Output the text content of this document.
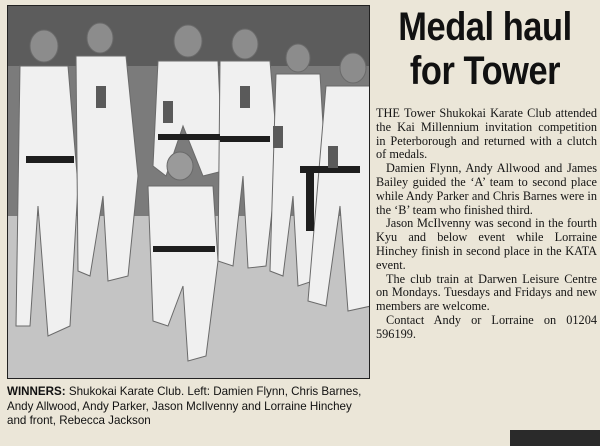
WINNERS: Shukokai Karate Club. Left: Damien Flynn, Chris Barnes, Andy Allwood, Andy Parker, Jason McIlvenny and Lorraine Hinchey and front, Rebecca Jackson
Medal haul
for Tower

THE Tower Shukokai Karate Club attended the Kai Millennium invitation competition in Peterborough and returned with a clutch of medals.

Damien Flynn, Andy Allwood and James Bailey guided the ‘A’ team to second place while Andy Parker and Chris Barnes were in the ‘B’ team who finished third.

Jason McIlvenny was second in the fourth Kyu and below event while Lorraine Hinchey finish in second place in the KATA event.

The club train at Darwen Leisure Centre on Mondays. Tuesdays and Fridays and new members are welcome.

Contact Andy or Lorraine on 01204 596199.
